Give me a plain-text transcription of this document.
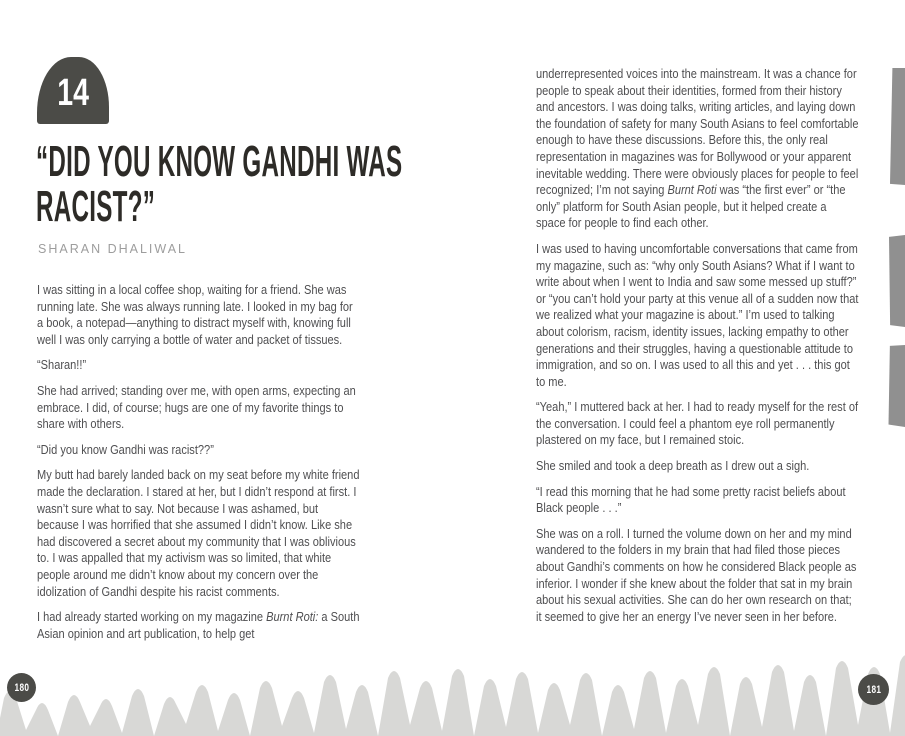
14
“DID YOU KNOW GANDHI WAS RACIST?”
SHARAN DHALIWAL

I was sitting in a local coffee shop, waiting for a friend. She was running late. She was always running late. I looked in my bag for a book, a notepad—anything to distract myself with, knowing full well I was only carrying a bottle of water and packet of tissues.

“Sharan!!”

She had arrived; standing over me, with open arms, expecting an embrace. I did, of course; hugs are one of my favorite things to share with others.

“Did you know Gandhi was racist??”

My butt had barely landed back on my seat before my white friend made the declaration. I stared at her, but I didn’t respond at first. I wasn’t sure what to say. Not because I was ashamed, but because I was horrified that she assumed I didn’t know. Like she had discovered a secret about my community that I was oblivious to. I was appalled that my activism was so limited, that white people around me didn’t know about my concern over the idolization of Gandhi despite his racist comments.

I had already started working on my magazine Burnt Roti: a South Asian opinion and art publication, to help get

180

underrepresented voices into the mainstream. It was a chance for people to speak about their identities, formed from their history and ancestors. I was doing talks, writing articles, and laying down the foundation of safety for many South Asians to feel comfortable enough to have these discussions. Before this, the only real representation in magazines was for Bollywood or your apparent inevitable wedding. There were obviously places for people to feel recognized; I’m not saying Burnt Roti was “the first ever” or “the only” platform for South Asian people, but it helped create a space for people to find each other.

I was used to having uncomfortable conversations that came from my magazine, such as: “why only South Asians? What if I want to write about when I went to India and saw some messed up stuff?” or “you can’t hold your party at this venue all of a sudden now that we realized what your magazine is about.” I’m used to talking about colorism, racism, identity issues, lacking empathy to other generations and their struggles, having a questionable attitude to immigration, and so on. I was used to all this and yet . . . this got to me.

“Yeah,” I muttered back at her. I had to ready myself for the rest of the conversation. I could feel a phantom eye roll permanently plastered on my face, but I remained stoic.

She smiled and took a deep breath as I drew out a sigh.

“I read this morning that he had some pretty racist beliefs about Black people . . .”

She was on a roll. I turned the volume down on her and my mind wandered to the folders in my brain that had filed those pieces about Gandhi’s comments on how he considered Black people as inferior. I wonder if she knew about the folder that sat in my brain about his sexual activities. She can do her own research on that; it seemed to give her an energy I’ve never seen in her before.

181
